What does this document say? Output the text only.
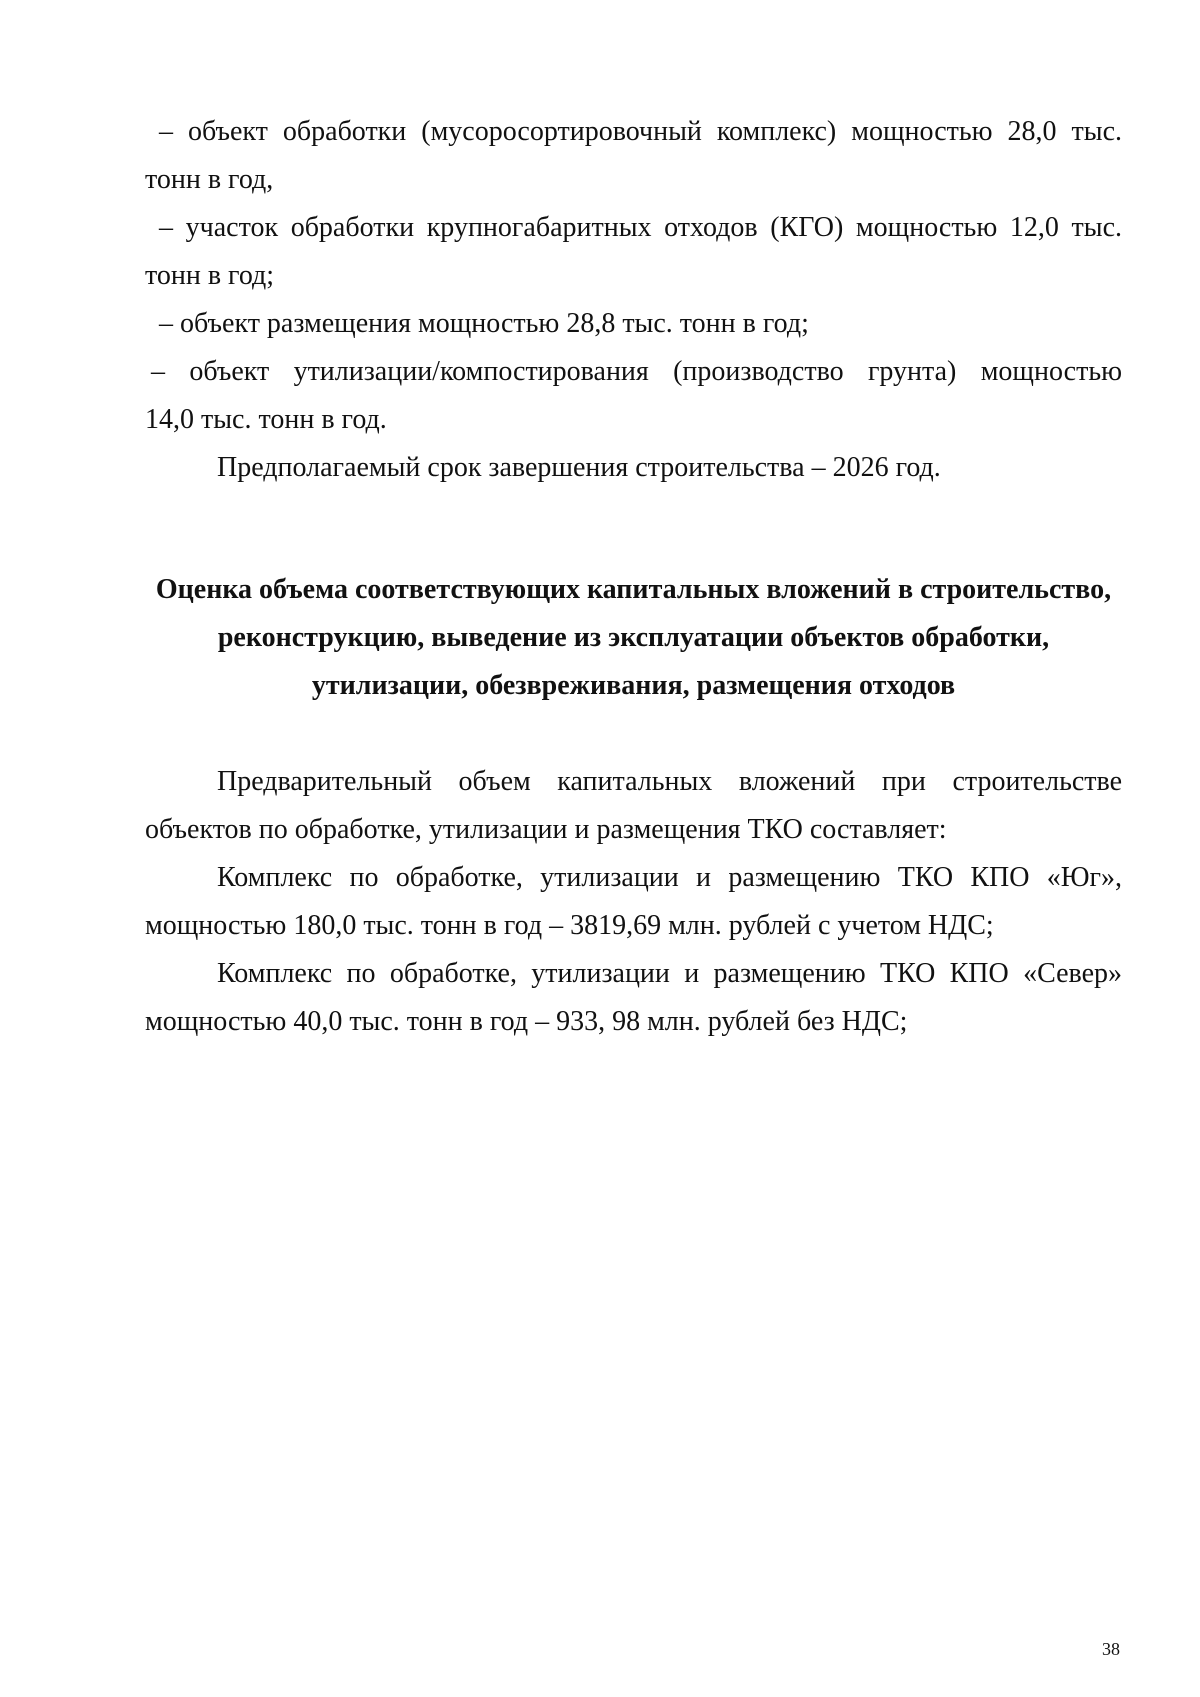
– объект обработки (мусоросортировочный комплекс) мощностью 28,0 тыс.

тонн в год,

– участок обработки крупногабаритных отходов (КГО) мощностью 12,0 тыс.

тонн в год;

– объект размещения мощностью 28,8 тыс. тонн в год;

– объект утилизации/компостирования (производство грунта) мощностью

14,0 тыс. тонн в год.

Предполагаемый срок завершения строительства – 2026 год.

Оценка объема соответствующих капитальных вложений в строительство,
реконструкцию, выведение из эксплуатации объектов обработки,
утилизации, обезвреживания, размещения отходов

Предварительный объем капитальных вложений при строительстве

объектов по обработке, утилизации и размещения ТКО составляет:

Комплекс по обработке, утилизации и размещению ТКО КПО «Юг»,

мощностью 180,0 тыс. тонн в год – 3819,69 млн. рублей с учетом НДС;

Комплекс по обработке, утилизации и размещению ТКО КПО «Север»

мощностью 40,0 тыс. тонн в год – 933, 98 млн. рублей без НДС;

38
